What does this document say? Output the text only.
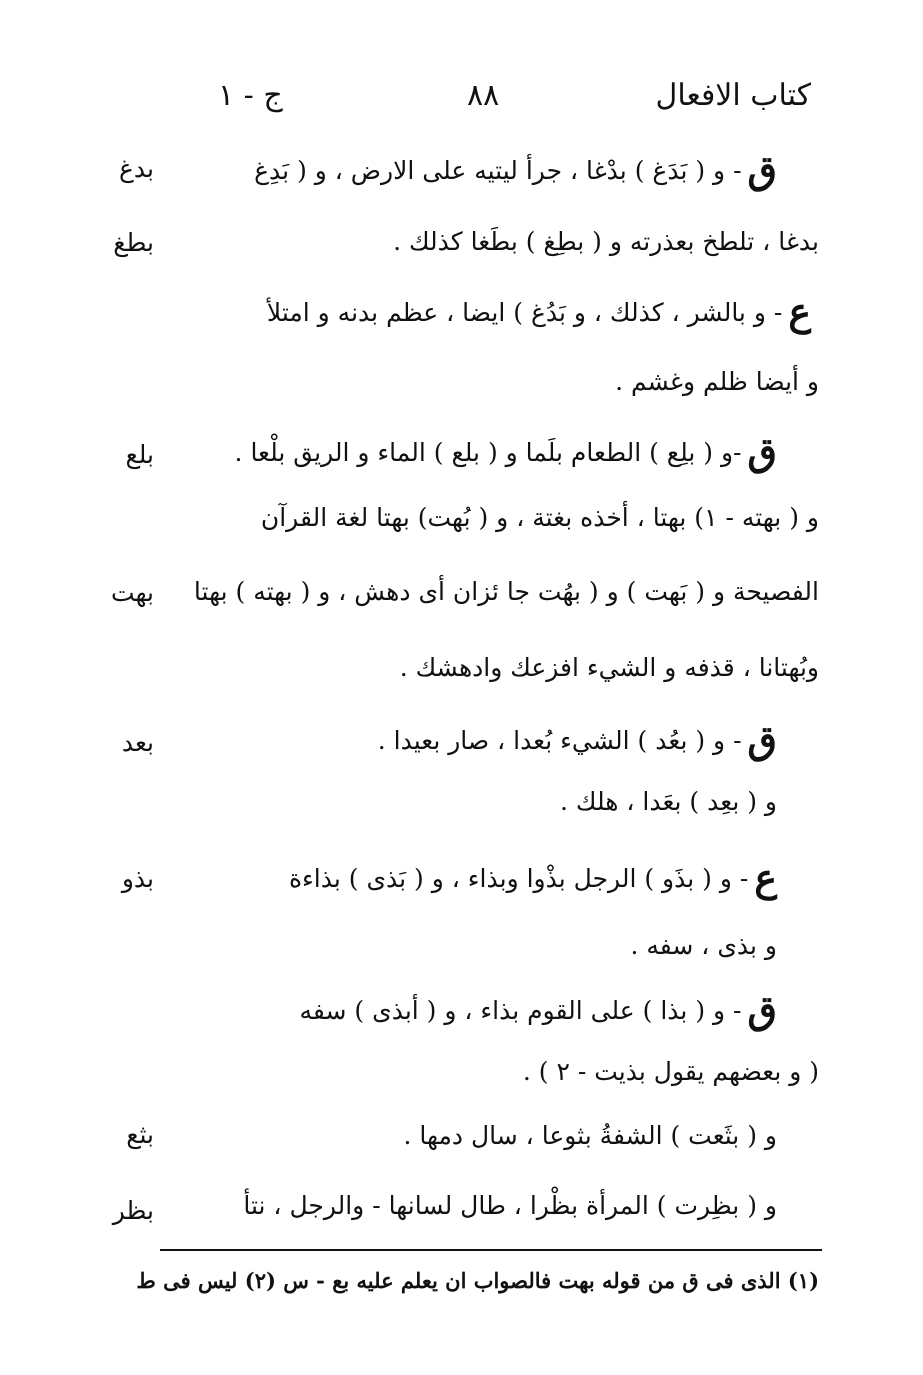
كتاب الافعال
٨٨
ج - ١
بدغ
بطغ
بلع
بهت
بعد
بذو
بثع
بظر
ق- و ( بَدَغ ) بدْغا ، جرأ ليتيه على الارض ، و ( بَدِغ
بدغا ، تلطخ بعذرته و ( بطِغ ) بطَغا كذلك .
ع- و بالشر ، كذلك ، و بَدُغ ) ايضا ، عظم بدنه و امتلأ
و أيضا ظلم وغشم .
ق-و ( بلِع ) الطعام بلَما و ( بلع ) الماء و الريق بلْعا .
و ( بهته - ١) بهتا ، أخذه بغتة ، و ( بُهت) بهتا لغة القرآن
الفصيحة و ( بَهت ) و ( بهُت جا ئزان أى دهش ، و ( بهته ) بهتا
وبُهتانا ، قذفه و الشيء افزعك وادهشك .
ق- و ( بعُد ) الشيء بُعدا ، صار بعيدا .
و ( بعِد ) بعَدا ، هلك .
ع- و ( بذَو ) الرجل بذْوا وبذاء ، و ( بَذى ) بذاءة
و بذى ، سفه .
ق- و ( بذا ) على القوم بذاء ، و ( أبذى ) سفه
( و بعضهم يقول بذيت - ٢ ) .
و ( بثَعت ) الشفةُ بثوعا ، سال دمها .
و ( بظِرت ) المرأة بظْرا ، طال لسانها - والرجل ، نتأ
(١) الذى فى ق من قوله بهت فالصواب ان يعلم عليه بع - س (٢) ليس فى ط
